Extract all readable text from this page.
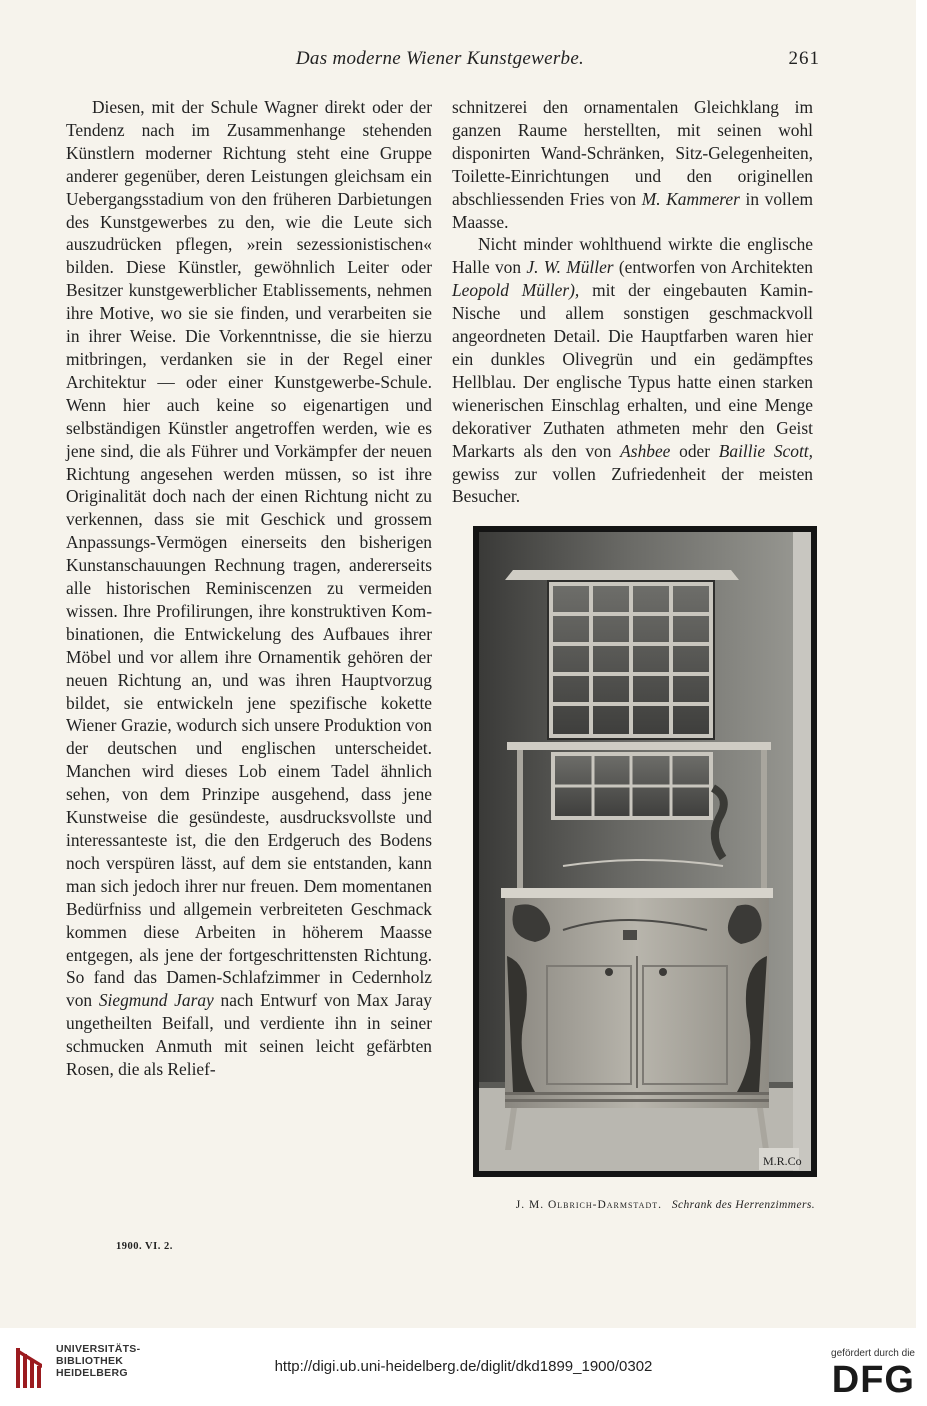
Das moderne Wiener Kunstgewerbe.	261

Diesen, mit der Schule Wagner direkt oder der Tendenz nach im Zusammenhange stehenden Künstlern moderner Richtung steht eine Gruppe anderer gegenüber, deren Leistungen gleichsam ein Uebergangsstadium von den früheren Darbietungen des Kunstgewerbes zu den, wie die Leute sich auszudrücken pflegen, »rein sezessionistischen« bilden. Diese Künstler, gewöhnlich Leiter oder Besitzer kunstgewerblicher Etablissements, nehmen ihre Motive, wo sie sie finden, und verarbeiten sie in ihrer Weise. Die Vorkenntnisse, die sie hierzu mitbringen, verdanken sie in der Regel einer Architektur — oder einer Kunstgewerbe-Schule. Wenn hier auch keine so eigenartigen und selbständigen Künstler angetroffen werden, wie es jene sind, die als Führer und Vorkämpfer der neuen Richtung angesehen werden müssen, so ist ihre Originalität doch nach der einen Richtung nicht zu verkennen, dass sie mit Geschick und grossem Anpassungs-Vermögen einerseits den bisherigen Kunstanschauungen Rechnung tragen, andererseits alle historischen Reminiscenzen zu vermeiden wissen. Ihre Profilirungen, ihre konstruktiven Kombinationen, die Entwickelung des Aufbaues ihrer Möbel und vor allem ihre Ornamentik gehören der neuen Richtung an, und was ihren Hauptvorzug bildet, sie entwickeln jene spezifische kokette Wiener Grazie, wodurch sich unsere Produktion von der deutschen und englischen unterscheidet. Manchen wird dieses Lob einem Tadel ähnlich sehen, von dem Prinzipe ausgehend, dass jene Kunstweise die gesündeste, ausdrucksvollste und interessanteste ist, die den Erdgeruch des Bodens noch verspüren lässt, auf dem sie entstanden, kann man sich jedoch ihrer nur freuen. Dem momentanen Bedürfniss und allgemein verbreiteten Geschmack kommen diese Arbeiten in höherem Maasse entgegen, als jene der fortgeschrittensten Richtung. So fand das Damen-Schlafzimmer in Cedernholz von Siegmund Jaray nach Entwurf von Max Jaray ungetheilten Beifall, und verdiente ihn in seiner schmucken Anmuth mit seinen leicht gefärbten Rosen, die als Relief-

schnitzerei den ornamentalen Gleichklang im ganzen Raume herstellten, mit seinen wohl disponirten Wand-Schränken, Sitz-Gelegenheiten, Toilette-Einrichtungen und den originellen abschliessenden Fries von M. Kammerer in vollem Maasse.

Nicht minder wohlthuend wirkte die englische Halle von J. W. Müller (entworfen von Architekten Leopold Müller), mit der eingebauten Kamin-Nische und allem sonstigen geschmackvoll angeordneten Detail. Die Hauptfarben waren hier ein dunkles Olivegrün und ein gedämpftes Hellblau. Der englische Typus hatte einen starken wienerischen Einschlag erhalten, und eine Menge dekorativer Zuthaten athmeten mehr den Geist Markarts als den von Ashbee oder Baillie Scott, gewiss zur vollen Zufriedenheit der meisten Besucher.

M.R.Co
J. M. Olbrich-Darmstadt. Schrank des Herrenzimmers.
1900. VI. 2.
UNIVERSITÄTS-
BIBLIOTHEK
HEIDELBERG	http://digi.ub.uni-heidelberg.de/diglit/dkd1899_1900/0302
gefördert durch die
DFG
